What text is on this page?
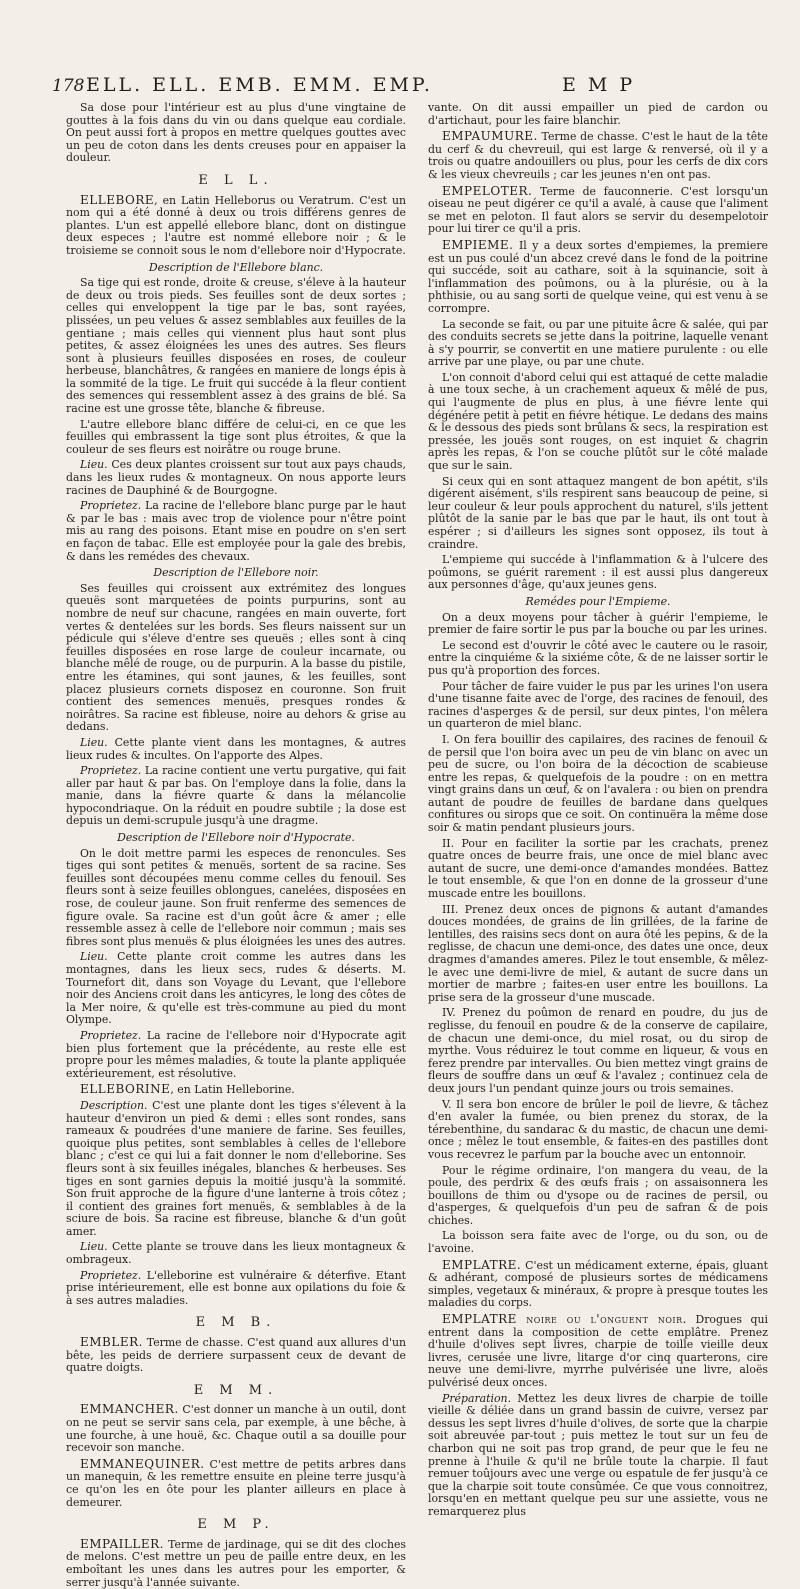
178 ELL. ELL. EMB. EMM. EMP.	EMP

Sa dose pour l'intérieur est au plus d'une vingtaine de gouttes à la fois dans du vin ou dans quelque eau cordiale. On peut aussi fort à propos en mettre quelques gouttes avec un peu de coton dans les dents creuses pour en appaiser la douleur.

E L L.

ELLEBORE, en Latin Helleborus ou Veratrum. C'est un nom qui a été donné à deux ou trois différens genres de plantes. L'un est appellé ellebore blanc, dont on distingue deux especes ; l'autre est nommé ellebore noir ; & le troisieme se connoit sous le nom d'ellebore noir d'Hypocrate.

Description de l'Ellebore blanc.

Sa tige qui est ronde, droite & creuse, s'éleve à la hauteur de deux ou trois pieds. Ses feuilles sont de deux sortes ; celles qui enveloppent la tige par le bas, sont rayées, plissées, un peu velues & assez semblables aux feuilles de la gentiane ; mais celles qui viennent plus haut sont plus petites, & assez éloignées les unes des autres. Ses fleurs sont à plusieurs feuilles disposées en roses, de couleur herbeuse, blanchâtres, & rangées en maniere de longs épis à la sommité de la tige. Le fruit qui succéde à la fleur contient des semences qui ressemblent assez à des grains de blé. Sa racine est une grosse tête, blanche & fibreuse.

L'autre ellebore blanc différe de celui-ci, en ce que les feuilles qui embrassent la tige sont plus étroites, & que la couleur de ses fleurs est noirâtre ou rouge brune.

Lieu. Ces deux plantes croissent sur tout aux pays chauds, dans les lieux rudes & montagneux. On nous apporte leurs racines de Dauphiné & de Bourgogne.

Proprietez. La racine de l'ellebore blanc purge par le haut & par le bas : mais avec trop de violence pour n'être point mis au rang des poisons. Etant mise en poudre on s'en sert en façon de tabac. Elle est employée pour la gale des brebis, & dans les remédes des chevaux.

Description de l'Ellebore noir.

Ses feuilles qui croissent aux extrémitez des longues queuës sont marquetées de points purpurins, sont au nombre de neuf sur chacune, rangées en main ouverte, fort vertes & dentelées sur les bords. Ses fleurs naissent sur un pédicule qui s'éleve d'entre ses queuës ; elles sont à cinq feuilles disposées en rose large de couleur incarnate, ou blanche mêlé de rouge, ou de purpurin. A la basse du pistile, entre les étamines, qui sont jaunes, & les feuilles, sont placez plusieurs cornets disposez en couronne. Son fruit contient des semences menuës, presques rondes & noirâtres. Sa racine est fibleuse, noire au dehors & grise au dedans.

Lieu. Cette plante vient dans les montagnes, & autres lieux rudes & incultes. On l'apporte des Alpes.

Proprietez. La racine contient une vertu purgative, qui fait aller par haut & par bas. On l'employe dans la folie, dans la manie, dans la fiévre quarte & dans la mélancolie hypocondriaque. On la réduit en poudre subtile ; la dose est depuis un demi-scrupule jusqu'à une dragme.

Description de l'Ellebore noir d'Hypocrate.

On le doit mettre parmi les especes de renoncules. Ses tiges qui sont petites & menuës, sortent de sa racine. Ses feuilles sont découpées menu comme celles du fenouil. Ses fleurs sont à seize feuilles oblongues, canelées, disposées en rose, de couleur jaune. Son fruit renferme des semences de figure ovale. Sa racine est d'un goût âcre & amer ; elle ressemble assez à celle de l'ellebore noir commun ; mais ses fibres sont plus menuës & plus éloignées les unes des autres.

Lieu. Cette plante croit comme les autres dans les montagnes, dans les lieux secs, rudes & déserts. M. Tournefort dit, dans son Voyage du Levant, que l'ellebore noir des Anciens croit dans les anticyres, le long des côtes de la Mer noire, & qu'elle est très-commune au pied du mont Olympe.

Proprietez. La racine de l'ellebore noir d'Hypocrate agit bien plus fortement que la précédente, au reste elle est propre pour les mêmes maladies, & toute la plante appliquée extérieurement, est résolutive.

ELLEBORINE, en Latin Helleborine.

Description. C'est une plante dont les tiges s'élevent à la hauteur d'environ un pied & demi : elles sont rondes, sans rameaux & poudrées d'une maniere de farine. Ses feuilles, quoique plus petites, sont semblables à celles de l'ellebore blanc ; c'est ce qui lui a fait donner le nom d'elleborine. Ses fleurs sont à six feuilles inégales, blanches & herbeuses. Ses tiges en sont garnies depuis la moitié jusqu'à la sommité. Son fruit approche de la figure d'une lanterne à trois côtez ; il contient des graines fort menuës, & semblables à de la sciure de bois. Sa racine est fibreuse, blanche & d'un goût amer.

Lieu. Cette plante se trouve dans les lieux montagneux & ombrageux.

Proprietez. L'elleborine est vulnéraire & déterfive. Etant prise intérieurement, elle est bonne aux opilations du foie & à ses autres maladies.

E M B.

EMBLER. Terme de chasse. C'est quand aux allures d'un bête, les peids de derriere surpassent ceux de devant de quatre doigts.

E M M.

EMMANCHER. C'est donner un manche à un outil, dont on ne peut se servir sans cela, par exemple, à une bêche, à une fourche, à une houë, &c. Chaque outil a sa douille pour recevoir son manche.

EMMANEQUINER. C'est mettre de petits arbres dans un manequin, & les remettre ensuite en pleine terre jusqu'à ce qu'on les en ôte pour les planter ailleurs en place à demeurer.

E M P.

EMPAILLER. Terme de jardinage, qui se dit des cloches de melons. C'est mettre un peu de paille entre deux, en les emboîtant les unes dans les autres pour les emporter, & serrer jusqu'à l'année suivante.

vante. On dit aussi empailler un pied de cardon ou d'artichaut, pour les faire blanchir.

EMPAUMURE. Terme de chasse. C'est le haut de la tête du cerf & du chevreuil, qui est large & renversé, où il y a trois ou quatre andouillers ou plus, pour les cerfs de dix cors & les vieux chevreuils ; car les jeunes n'en ont pas.

EMPELOTER. Terme de fauconnerie. C'est lorsqu'un oiseau ne peut digérer ce qu'il a avalé, à cause que l'aliment se met en peloton. Il faut alors se servir du desempelotoir pour lui tirer ce qu'il a pris.

EMPIEME. Il y a deux sortes d'empiemes, la premiere est un pus coulé d'un abcez crevé dans le fond de la poitrine qui succéde, soit au cathare, soit à la squinancie, soit à l'inflammation des poûmons, ou à la plurésie, ou à la phthisie, ou au sang sorti de quelque veine, qui est venu à se corrompre.

La seconde se fait, ou par une pituite âcre & salée, qui par des conduits secrets se jette dans la poitrine, laquelle venant à s'y pourrir, se convertit en une matiere purulente : ou elle arrive par une playe, ou par une chute.

L'on connoit d'abord celui qui est attaqué de cette maladie à une toux seche, à un crachement aqueux & mêlé de pus, qui l'augmente de plus en plus, à une fiévre lente qui dégénére petit à petit en fiévre hétique. Le dedans des mains & le dessous des pieds sont brûlans & secs, la respiration est pressée, les jouës sont rouges, on est inquiet & chagrin après les repas, & l'on se couche plûtôt sur le côté malade que sur le sain.

Si ceux qui en sont attaquez mangent de bon apétit, s'ils digérent aisément, s'ils respirent sans beaucoup de peine, si leur couleur & leur pouls approchent du naturel, s'ils jettent plûtôt de la sanie par le bas que par le haut, ils ont tout à espérer ; si d'ailleurs les signes sont opposez, ils tout à craindre.

L'empieme qui succéde à l'inflammation & à l'ulcere des poûmons, se guérit rarement : il est aussi plus dangereux aux personnes d'âge, qu'aux jeunes gens.

Remédes pour l'Empieme.

On a deux moyens pour tâcher à guérir l'empieme, le premier de faire sortir le pus par la bouche ou par les urines.

Le second est d'ouvrir le côté avec le cautere ou le rasoir, entre la cinquiéme & la sixiéme côte, & de ne laisser sortir le pus qu'à proportion des forces.

Pour tâcher de faire vuider le pus par les urines l'on usera d'une tisanne faite avec de l'orge, des racines de fenouil, des racines d'asperges & de persil, sur deux pintes, l'on mêlera un quarteron de miel blanc.

I. On fera bouillir des capilaires, des racines de fenouil & de persil que l'on boira avec un peu de vin blanc on avec un peu de sucre, ou l'on boira de la décoction de scabieuse entre les repas, & quelquefois de la poudre : on en mettra vingt grains dans un œuf, & on l'avalera : ou bien on prendra autant de poudre de feuilles de bardane dans quelques confitures ou sirops que ce soit. On continuëra la même dose soir & matin pendant plusieurs jours.

II. Pour en faciliter la sortie par les crachats, prenez quatre onces de beurre frais, une once de miel blanc avec autant de sucre, une demi-once d'amandes mondées. Battez le tout ensemble, & que l'on en donne de la grosseur d'une muscade entre les bouillons.

III. Prenez deux onces de pignons & autant d'amandes douces mondées, de grains de lin grillées, de la farine de lentilles, des raisins secs dont on aura ôté les pepins, & de la reglisse, de chacun une demi-once, des dates une once, deux dragmes d'amandes ameres. Pilez le tout ensemble, & mêlez-le avec une demi-livre de miel, & autant de sucre dans un mortier de marbre ; faites-en user entre les bouillons. La prise sera de la grosseur d'une muscade.

IV. Prenez du poûmon de renard en poudre, du jus de reglisse, du fenouil en poudre & de la conserve de capilaire, de chacun une demi-once, du miel rosat, ou du sirop de myrthe. Vous réduirez le tout comme en liqueur, & vous en ferez prendre par intervalles. Ou bien mettez vingt grains de fleurs de souffre dans un œuf & l'avalez ; continuez cela de deux jours l'un pendant quinze jours ou trois semaines.

V. Il sera bon encore de brûler le poil de lievre, & tâchez d'en avaler la fumée, ou bien prenez du storax, de la térebenthine, du sandarac & du mastic, de chacun une demi-once ; mêlez le tout ensemble, & faites-en des pastilles dont vous recevrez le parfum par la bouche avec un entonnoir.

Pour le régime ordinaire, l'on mangera du veau, de la poule, des perdrix & des œufs frais ; on assaisonnera les bouillons de thim ou d'ysope ou de racines de persil, ou d'asperges, & quelquefois d'un peu de safran & de pois chiches.

La boisson sera faite avec de l'orge, ou du son, ou de l'avoine.

EMPLATRE. C'est un médicament externe, épais, gluant & adhérant, composé de plusieurs sortes de médicamens simples, vegetaux & minéraux, & propre à presque toutes les maladies du corps.

EMPLATRE noire ou l'onguent noir. Drogues qui entrent dans la composition de cette emplâtre. Prenez d'huile d'olives sept livres, charpie de toille vieille deux livres, cerusée une livre, litarge d'or cinq quarterons, cire neuve une demi-livre, myrrhe pulvérisée une livre, aloës pulvérisé deux onces.

Préparation. Mettez les deux livres de charpie de toille vieille & déliée dans un grand bassin de cuivre, versez par dessus les sept livres d'huile d'olives, de sorte que la charpie soit abreuvée par-tout ; puis mettez le tout sur un feu de charbon qui ne soit pas trop grand, de peur que le feu ne prenne à l'huile & qu'il ne brûle toute la charpie. Il faut remuer toûjours avec une verge ou espatule de fer jusqu'à ce que la charpie soit toute consûmée. Ce que vous connoitrez, lorsqu'en en mettant quelque peu sur une assiette, vous ne remarquerez plus
